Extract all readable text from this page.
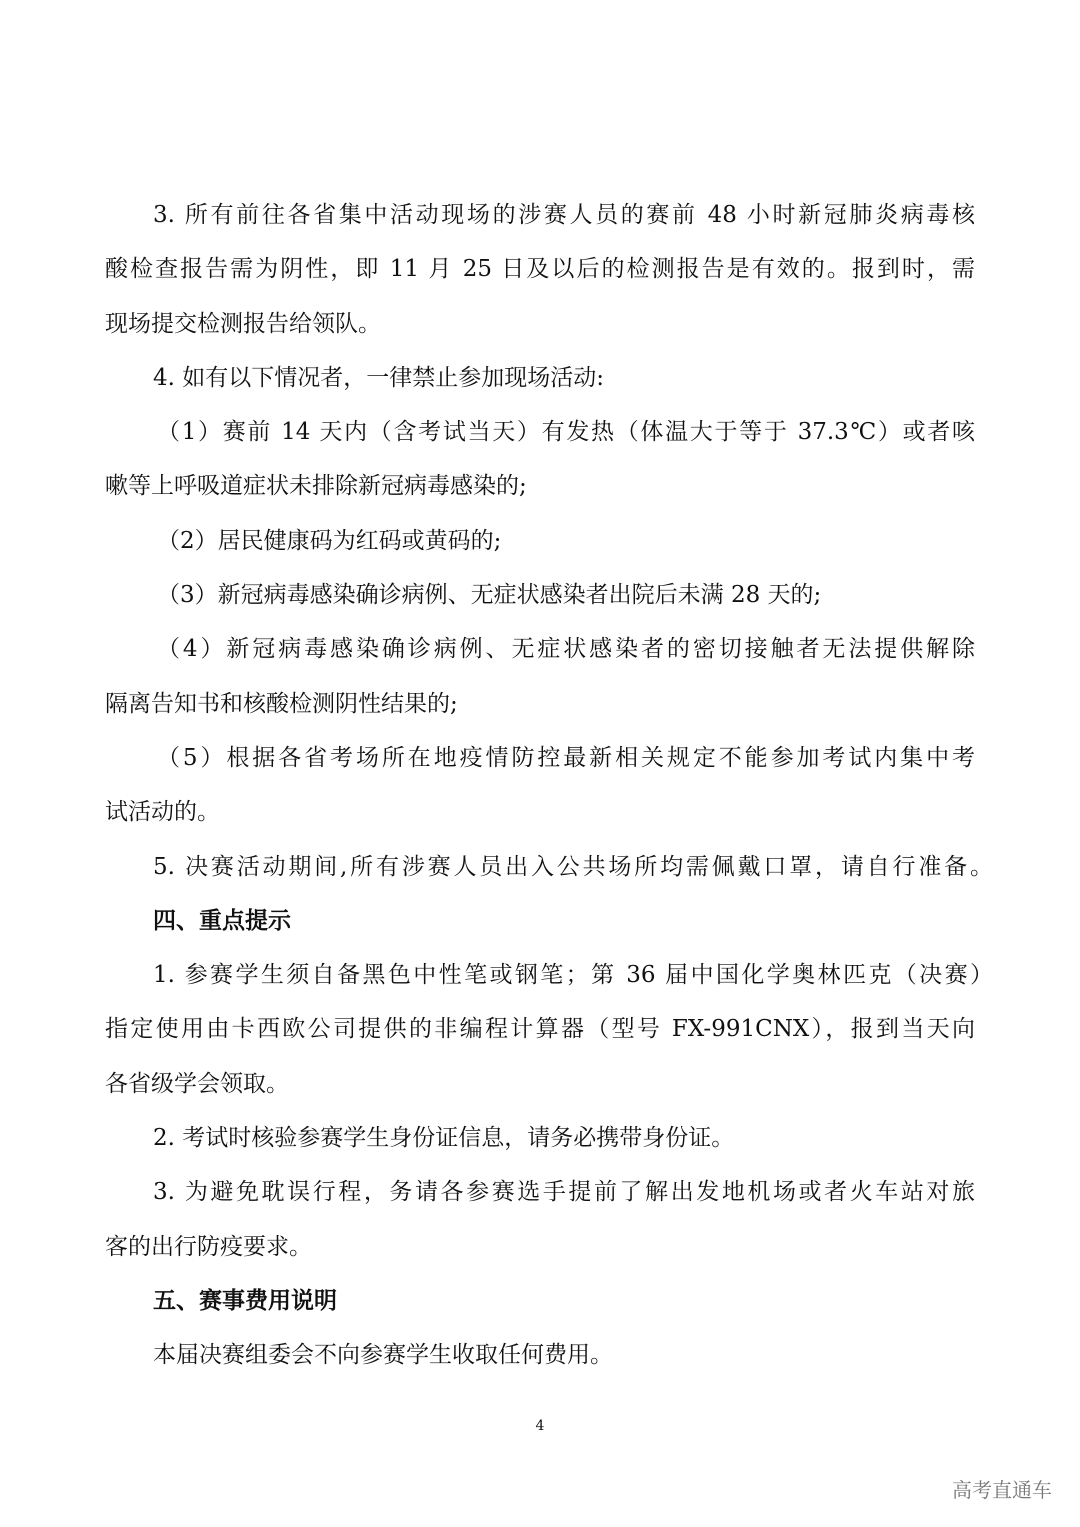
3. 所有前往各省集中活动现场的涉赛人员的赛前 48 小时新冠肺炎病毒核
酸检查报告需为阴性，即 11 月 25 日及以后的检测报告是有效的。报到时，需
现场提交检测报告给领队。
4. 如有以下情况者，一律禁止参加现场活动:
（1）赛前 14 天内（含考试当天）有发热（体温大于等于 37.3℃）或者咳
嗽等上呼吸道症状未排除新冠病毒感染的;
（2）居民健康码为红码或黄码的;
（3）新冠病毒感染确诊病例、无症状感染者出院后未满 28 天的;
（4）新冠病毒感染确诊病例、无症状感染者的密切接触者无法提供解除
隔离告知书和核酸检测阴性结果的;
（5）根据各省考场所在地疫情防控最新相关规定不能参加考试内集中考
试活动的。
5. 决赛活动期间,所有涉赛人员出入公共场所均需佩戴口罩，请自行准备。
四、重点提示
1. 参赛学生须自备黑色中性笔或钢笔；第 36 届中国化学奥林匹克（决赛）
指定使用由卡西欧公司提供的非编程计算器（型号 FX-991CNX），报到当天向
各省级学会领取。
2. 考试时核验参赛学生身份证信息，请务必携带身份证。
3. 为避免耽误行程，务请各参赛选手提前了解出发地机场或者火车站对旅
客的出行防疫要求。
五、赛事费用说明
本届决赛组委会不向参赛学生收取任何费用。
4
高考直通车
